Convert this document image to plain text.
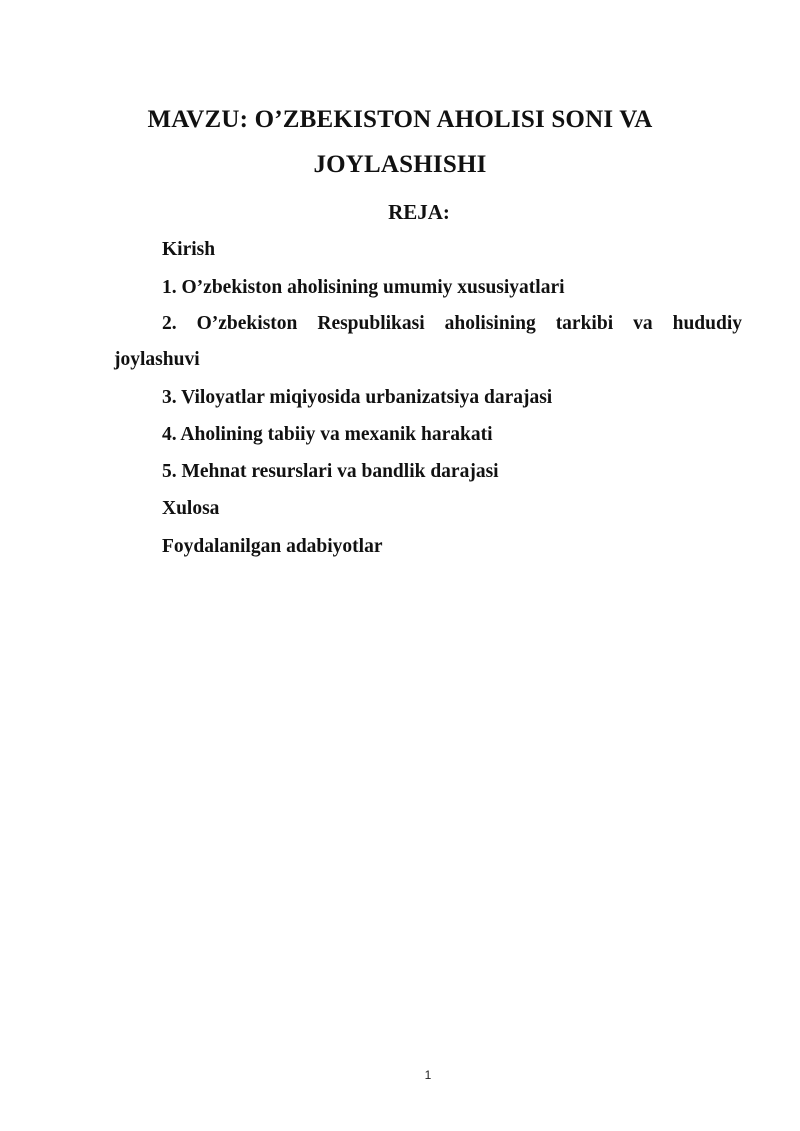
MAVZU: O’ZBEKISTON AHOLISI SONI VA
JOYLASHISHI
REJA:
Kirish
1. O’zbekiston aholisining umumiy xususiyatlari
2. O’zbekiston Respublikasi aholisining tarkibi va hududiy
joylashuvi
3. Viloyatlar miqiyosida urbanizatsiya darajasi
4. Aholining tabiiy va mexanik harakati
5. Mehnat resurslari va bandlik darajasi
Xulosa
Foydalanilgan adabiyotlar
1
